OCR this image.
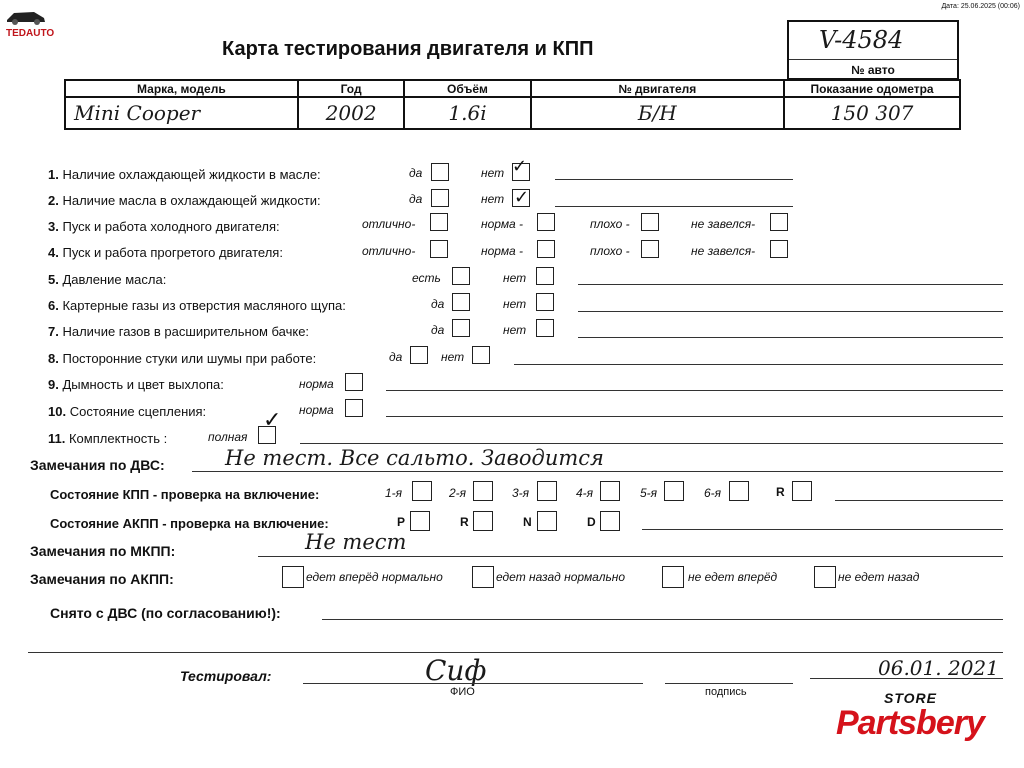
TEDAUTO
Дата: 25.06.2025 (00:06)
Карта тестирования двигателя и КПП	V-4584
№ авто
Марка, модель	Год	Объём	№ двигателя	Показание одометра
Mini Cooper	2002	1.6i	Б/Н	150 307
1. Наличие охлаждающей жидкости в масле:	да	нет ✓
2. Наличие масла в охлаждающей жидкости:	да	нет ✓
3. Пуск и работа холодного двигателя:	отлично-	норма -	плохо -	не завелся-
4. Пуск и работа прогретого двигателя:	отлично-	норма -	плохо -	не завелся-
5. Давление масла:	есть	нет
6. Картерные газы из отверстия масляного щупа:	да	нет
7. Наличие газов в расширительном бачке:	да	нет
8. Посторонние стуки или шумы при работе:	да	нет
9. Дымность и цвет выхлопа:	норма
10. Состояние сцепления:	норма
11. Комплектность :	полная
✓
Замечания по ДВС:	Не тест. Все сальто. Заводится
Состояние КПП - проверка на включение:	1-я	2-я	3-я	4-я	5-я	6-я	R
Состояние АКПП - проверка на включение:	P	R	N	D
Замечания по МКПП:	Не тест
Замечания по АКПП:	едет вперёд нормально	едет назад нормально	не едет вперёд	не едет назад
Снято с ДВС (по согласованию!):
Тестировал:	Сиф
ФИО	подпись
06.01. 2021
STORE
Partsbery
